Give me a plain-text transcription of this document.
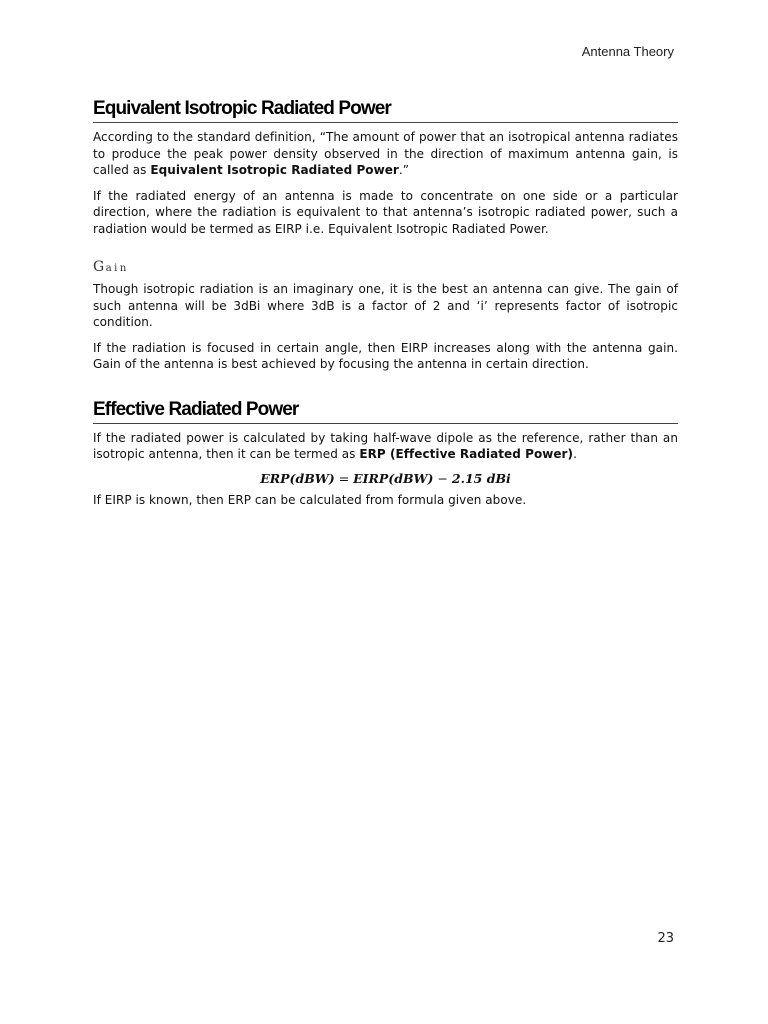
Antenna Theory
Equivalent Isotropic Radiated Power

According to the standard definition, “The amount of power that an isotropical antenna radiates to produce the peak power density observed in the direction of maximum antenna gain, is called as Equivalent Isotropic Radiated Power.”

If the radiated energy of an antenna is made to concentrate on one side or a particular direction, where the radiation is equivalent to that antenna’s isotropic radiated power, such a radiation would be termed as EIRP i.e. Equivalent Isotropic Radiated Power.

Gain

Though isotropic radiation is an imaginary one, it is the best an antenna can give. The gain of such antenna will be 3dBi where 3dB is a factor of 2 and ‘i’ represents factor of isotropic condition.

If the radiation is focused in certain angle, then EIRP increases along with the antenna gain. Gain of the antenna is best achieved by focusing the antenna in certain direction.

Effective Radiated Power

If the radiated power is calculated by taking half-wave dipole as the reference, rather than an isotropic antenna, then it can be termed as ERP (Effective Radiated Power).

ERP(dBW) = EIRP(dBW) − 2.15 dBi

If EIRP is known, then ERP can be calculated from formula given above.

23
